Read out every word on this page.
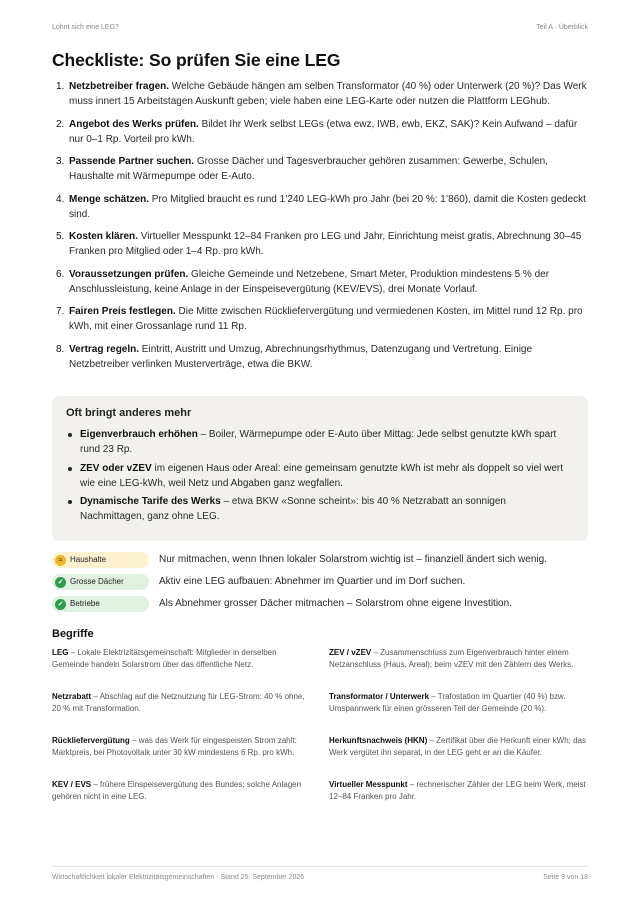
Lohnt sich eine LEG?	Teil A · Überblick
Checkliste: So prüfen Sie eine LEG
1. Netzbetreiber fragen. Welche Gebäude hängen am selben Transformator (40 %) oder Unterwerk (20 %)? Das Werk muss innert 15 Arbeitstagen Auskunft geben; viele haben eine LEG-Karte oder nutzen die Plattform LEGhub.
2. Angebot des Werks prüfen. Bildet Ihr Werk selbst LEGs (etwa ewz, IWB, ewb, EKZ, SAK)? Kein Aufwand – dafür nur 0–1 Rp. Vorteil pro kWh.
3. Passende Partner suchen. Grosse Dächer und Tagesverbraucher gehören zusammen: Gewerbe, Schulen, Haushalte mit Wärmepumpe oder E-Auto.
4. Menge schätzen. Pro Mitglied braucht es rund 1’240 LEG-kWh pro Jahr (bei 20 %: 1’860), damit die Kosten gedeckt sind.
5. Kosten klären. Virtueller Messpunkt 12–84 Franken pro LEG und Jahr, Einrichtung meist gratis, Abrechnung 30–45 Franken pro Mitglied oder 1–4 Rp. pro kWh.
6. Voraussetzungen prüfen. Gleiche Gemeinde und Netzebene, Smart Meter, Produktion mindestens 5 % der Anschlussleistung, keine Anlage in der Einspeisevergütung (KEV/EVS), drei Monate Vorlauf.
7. Fairen Preis festlegen. Die Mitte zwischen Rückliefervergütung und vermiedenen Kosten, im Mittel rund 12 Rp. pro kWh, mit einer Grossanlage rund 11 Rp.
8. Vertrag regeln. Eintritt, Austritt und Umzug, Abrechnungsrhythmus, Datenzugang und Vertretung. Einige Netzbetreiber verlinken Musterverträge, etwa die BKW.
Oft bringt anderes mehr
Eigenverbrauch erhöhen – Boiler, Wärmepumpe oder E-Auto über Mittag: Jede selbst genutzte kWh spart rund 23 Rp.
ZEV oder vZEV im eigenen Haus oder Areal: eine gemeinsam genutzte kWh ist mehr als doppelt so viel wert wie eine LEG-kWh, weil Netz und Abgaben ganz wegfallen.
Dynamische Tarife des Werks – etwa BKW «Sonne scheint»: bis 40 % Netzrabatt an sonnigen Nachmittagen, ganz ohne LEG.
≈ Haushalte	Nur mitmachen, wenn Ihnen lokaler Solarstrom wichtig ist – finanziell ändert sich wenig.
✓ Grosse Dächer	Aktiv eine LEG aufbauen: Abnehmer im Quartier und im Dorf suchen.
✓ Betriebe	Als Abnehmer grosser Dächer mitmachen – Solarstrom ohne eigene Investition.
Begriffe
LEG – Lokale Elektrizitätsgemeinschaft: Mitglieder in derselben Gemeinde handeln Solarstrom über das öffentliche Netz.
Netzrabatt – Abschlag auf die Netznutzung für LEG-Strom: 40 % ohne, 20 % mit Transformation.
Rückliefervergütung – was das Werk für eingespeisten Strom zahlt: Marktpreis, bei Photovoltaik unter 30 kW mindestens 6 Rp. pro kWh.
KEV / EVS – frühere Einspeisevergütung des Bundes; solche Anlagen gehören nicht in eine LEG.
ZEV / vZEV – Zusammenschluss zum Eigenverbrauch hinter einem Netzanschluss (Haus, Areal); beim vZEV mit den Zählern des Werks.
Transformator / Unterwerk – Trafostation im Quartier (40 %) bzw. Umspannwerk für einen grösseren Teil der Gemeinde (20 %).
Herkunftsnachweis (HKN) – Zertifikat über die Herkunft einer kWh; das Werk vergütet ihn separat, in der LEG geht er an die Käufer.
Virtueller Messpunkt – rechnerischer Zähler der LEG beim Werk, meist 12–84 Franken pro Jahr.
Wirtschaftlichkeit lokaler Elektrizitätsgemeinschaften · Stand 25. September 2026	Seite 9 von 18
